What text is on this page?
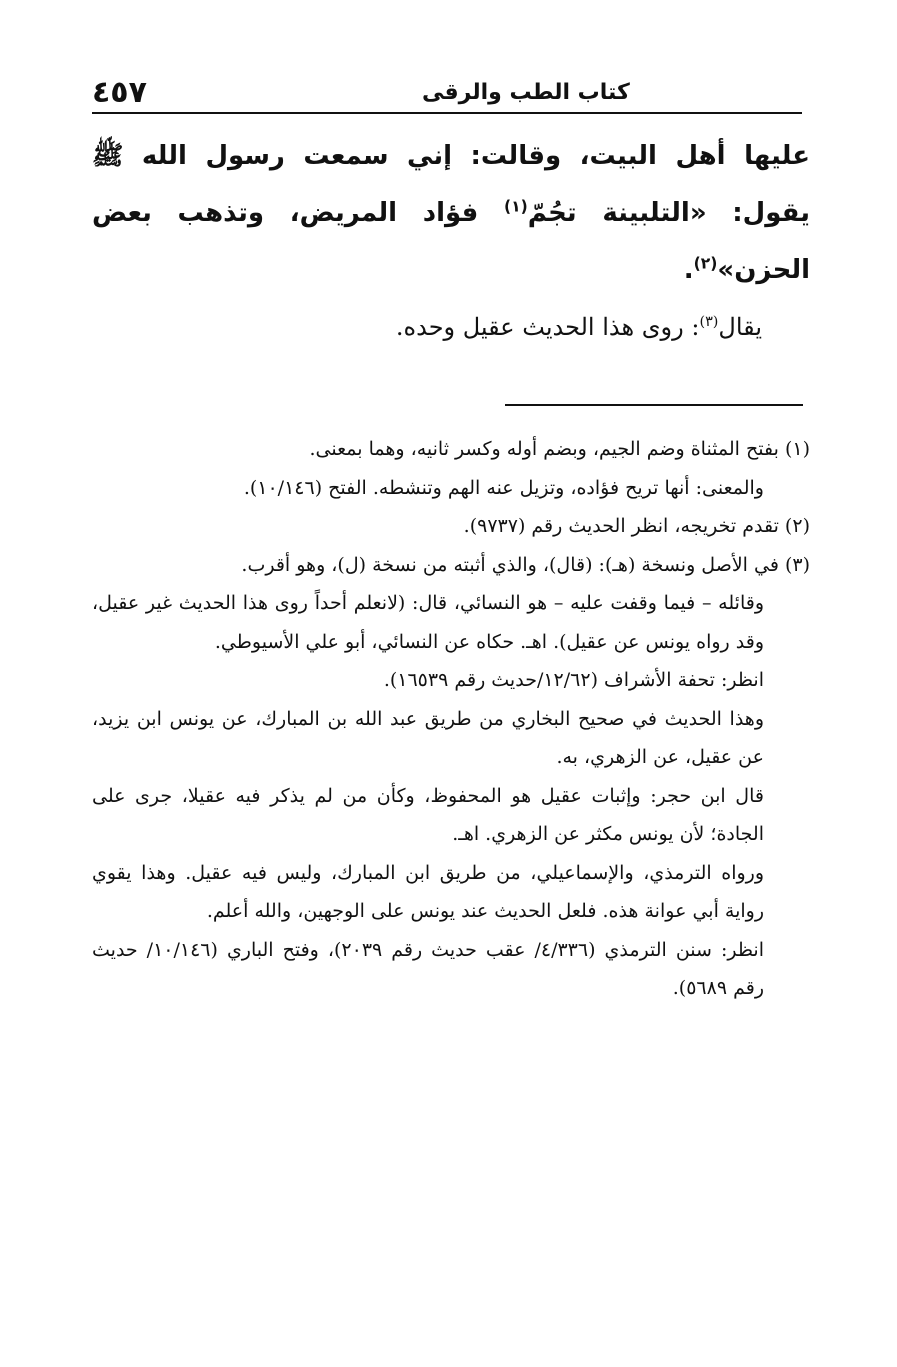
٤٥٧	كتاب الطب والرقى

عليها أهل البيت، وقالت: إني سمعت رسول الله ﷺ يقول: «التلبينة تجُمّ$^{(١)}$ فؤاد المريض، وتذهب بعض الحزن»$^{(٢)}$.

يقال$^{(٣)}$: روى هذا الحديث عقيل وحده.

(١) بفتح المثناة وضم الجيم، وبضم أوله وكسر ثانيه، وهما بمعنى.

والمعنى: أنها تريح فؤاده، وتزيل عنه الهم وتنشطه. الفتح (١٠/١٤٦).

(٢) تقدم تخريجه، انظر الحديث رقم (٩٧٣٧).

(٣) في الأصل ونسخة (هـ): (قال)، والذي أثبته من نسخة (ل)، وهو أقرب.

وقائله – فيما وقفت عليه – هو النسائي، قال: (لانعلم أحداً روى هذا الحديث غير عقيل، وقد رواه يونس عن عقيل). اهـ. حكاه عن النسائي، أبو علي الأسيوطي.

انظر: تحفة الأشراف (١٢/٦٢/حديث رقم ١٦٥٣٩).

وهذا الحديث في صحيح البخاري من طريق عبد الله بن المبارك، عن يونس ابن يزيد، عن عقيل، عن الزهري، به.

قال ابن حجر: وإثبات عقيل هو المحفوظ، وكأن من لم يذكر فيه عقيلا، جرى على الجادة؛ لأن يونس مكثر عن الزهري. اهـ.

ورواه الترمذي، والإسماعيلي، من طريق ابن المبارك، وليس فيه عقيل. وهذا يقوي رواية أبي عوانة هذه. فلعل الحديث عند يونس على الوجهين، والله أعلم.

انظر: سنن الترمذي (٤/٣٣٦/ عقب حديث رقم ٢٠٣٩)، وفتح الباري (١٠/١٤٦/ حديث رقم ٥٦٨٩).
